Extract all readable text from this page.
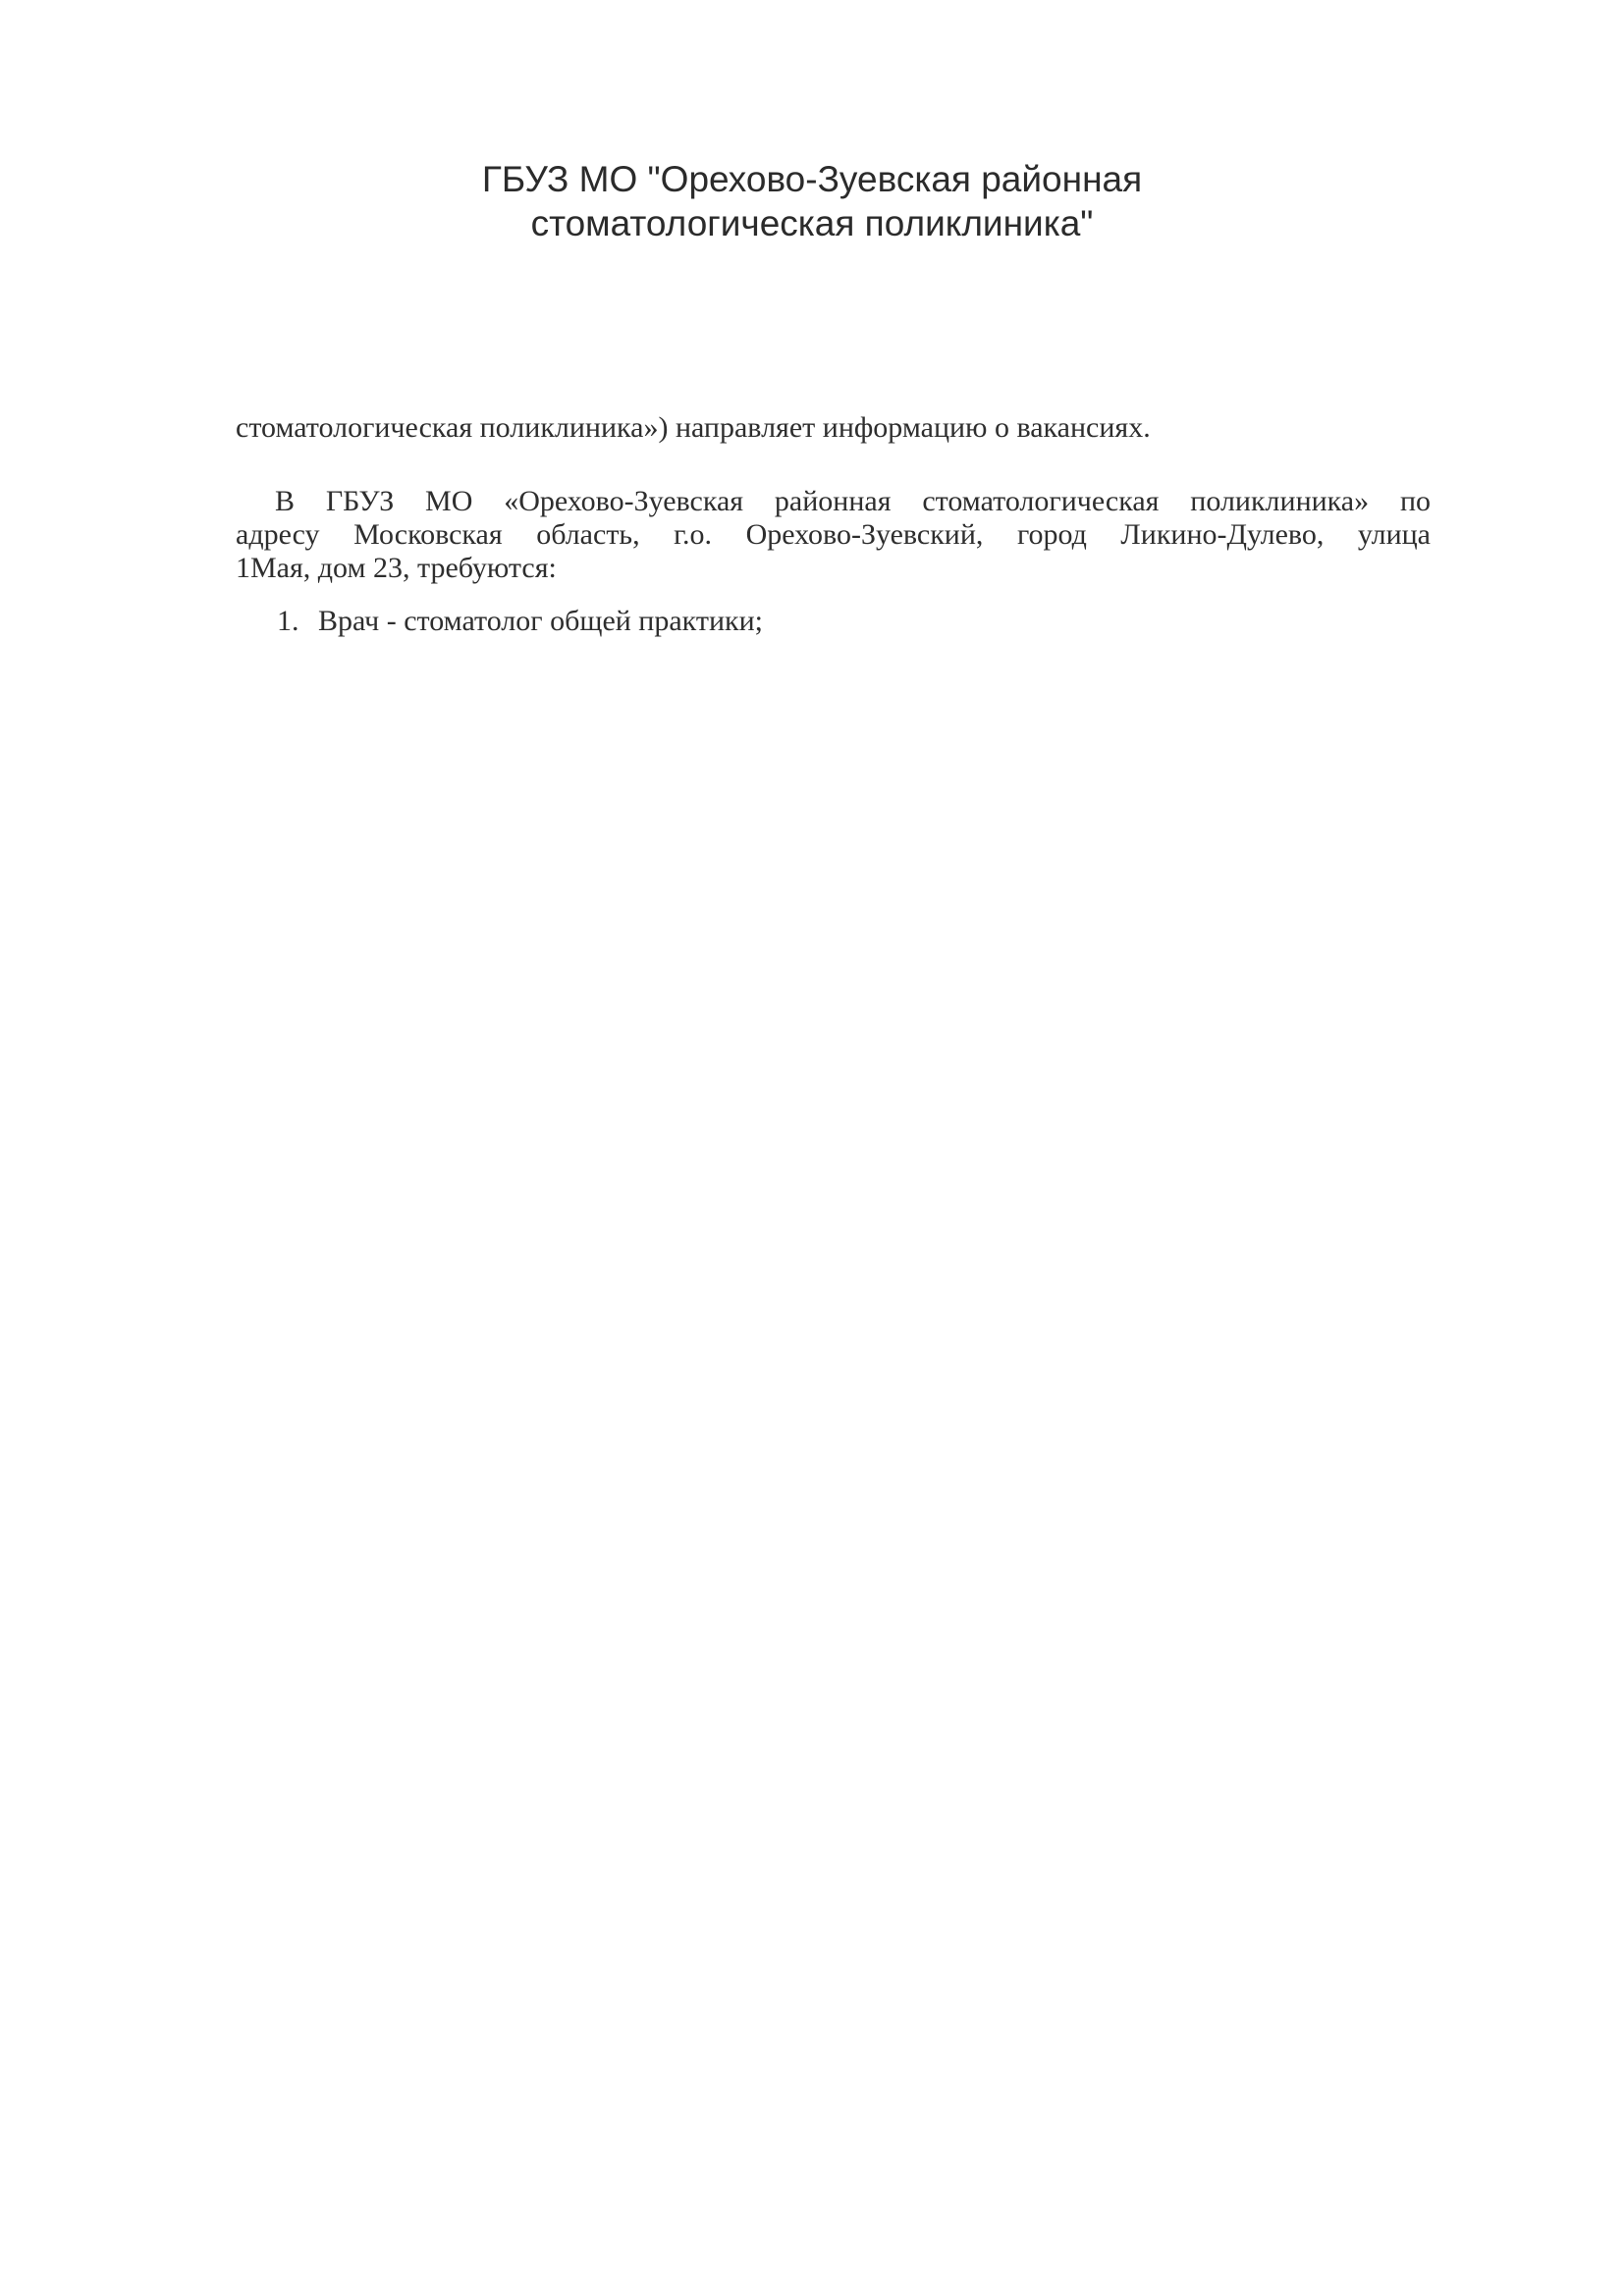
ГБУЗ МО "Орехово-Зуевская районная
стоматологическая поликлиника"
стоматологическая поликлиника») направляет информацию о вакансиях.
В ГБУЗ МО «Орехово-Зуевская районная стоматологическая поликлиника» по
адресу Московская область, г.о. Орехово-Зуевский, город Ликино-Дулево, улица
1Мая, дом 23, требуются:
1. Врач - стоматолог общей практики;
